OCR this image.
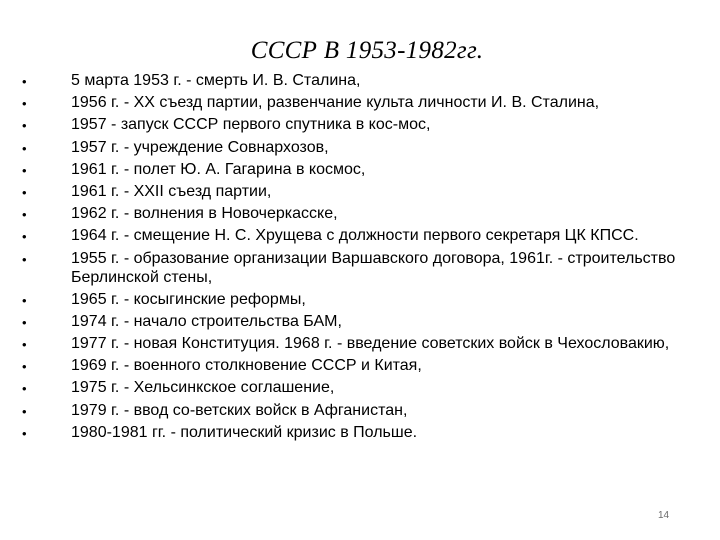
СССР В 1953-1982гг.
•	5 марта 1953 г. - смерть И. В. Сталина,
•	1956 г. - ХХ съезд партии, развенчание культа личности И. В. Сталина,
•	1957 - запуск СССР первого спутника в кос-мос,
•	1957 г. - учреждение Совнархозов,
•	1961 г. - полет Ю. А. Гагарина в космос,
•	1961 г. - XXII съезд партии,
•	1962 г. - волнения в Новочеркасске,
•	1964 г. - смещение Н. С. Хрущева с должности первого секретаря ЦК КПСС.
•	1955 г. - образование организации Варшавского договора, 1961г. - строительство Берлинской стены,
•	1965 г. - косыгинские реформы,
•	1974 г. - начало строительства БАМ,
•	1977 г. - новая Конституция. 1968 г. - введение советских войск в Чехословакию,
•	1969 г. - военного столкновение СССР и Китая,
•	1975 г. - Хельсинкское соглашение,
•	1979 г. - ввод со-ветских войск в Афганистан,
•	1980-1981 гг. - политический кризис в Польше.
14
